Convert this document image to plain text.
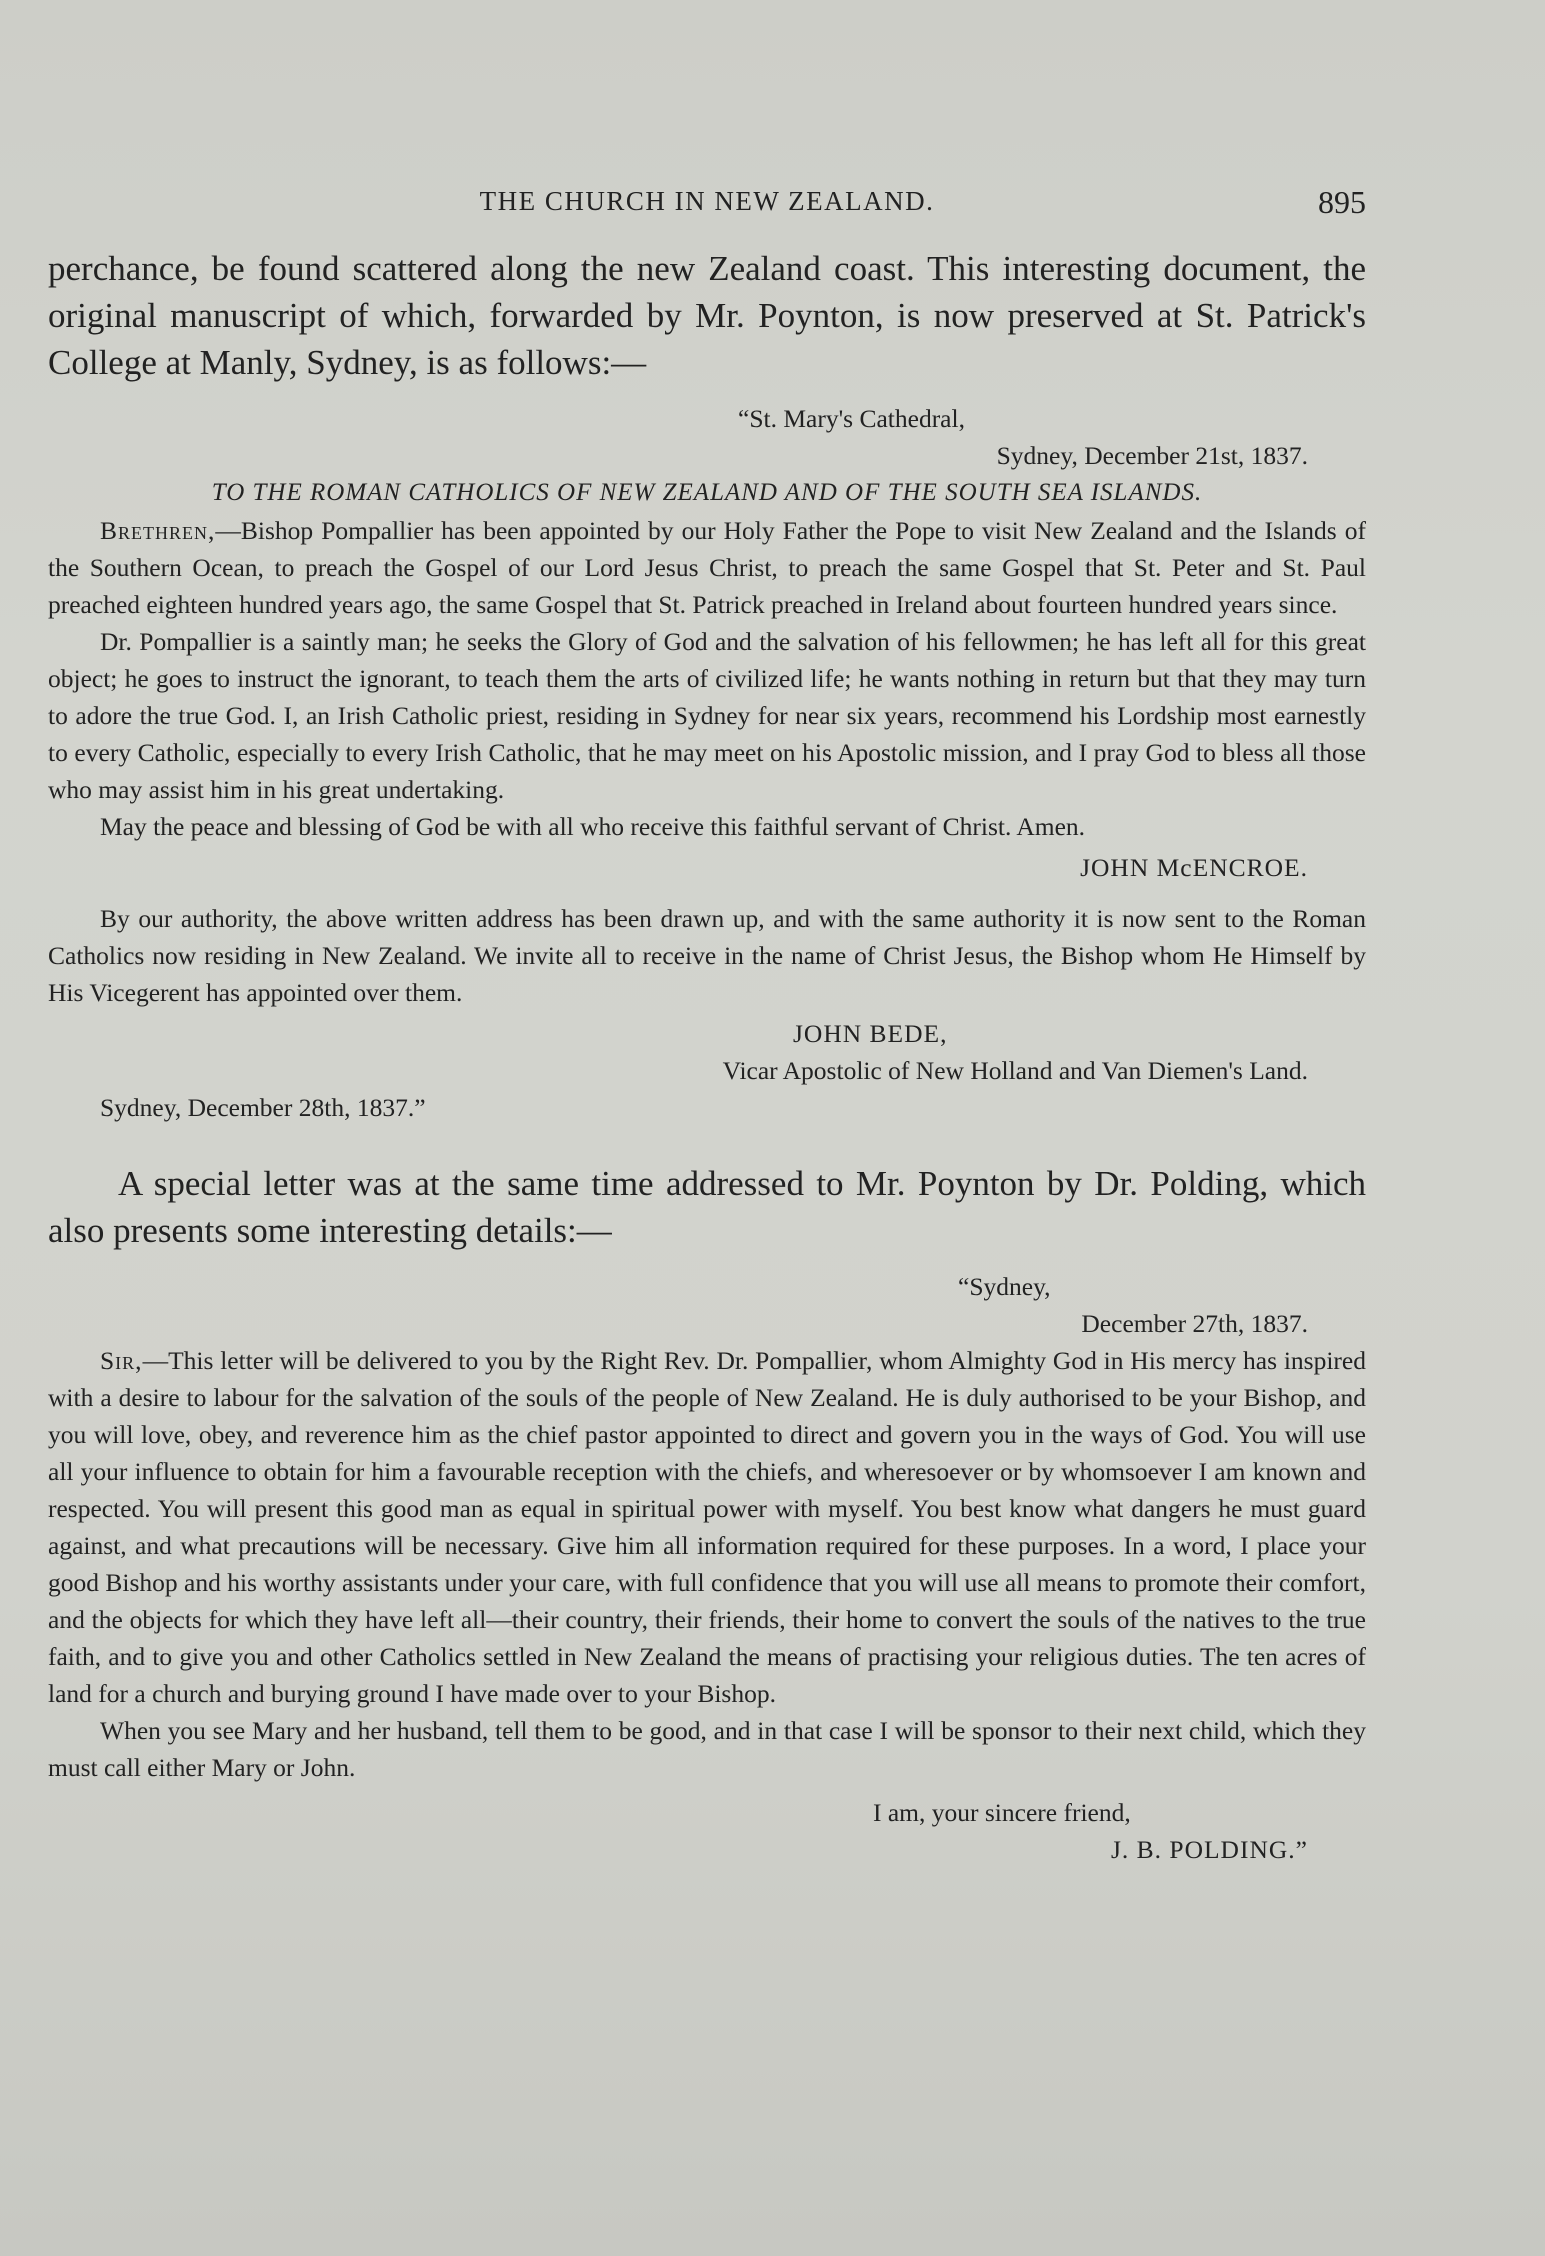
THE CHURCH IN NEW ZEALAND.	895

perchance, be found scattered along the new Zealand coast. This interesting document, the original manuscript of which, forwarded by Mr. Poynton, is now preserved at St. Patrick's College at Manly, Sydney, is as follows:—

“St. Mary's Cathedral,

Sydney, December 21st, 1837.

TO THE ROMAN CATHOLICS OF NEW ZEALAND AND OF THE SOUTH SEA ISLANDS.

Brethren,—Bishop Pompallier has been appointed by our Holy Father the Pope to visit New Zealand and the Islands of the Southern Ocean, to preach the Gospel of our Lord Jesus Christ, to preach the same Gospel that St. Peter and St. Paul preached eighteen hundred years ago, the same Gospel that St. Patrick preached in Ireland about fourteen hundred years since.

Dr. Pompallier is a saintly man; he seeks the Glory of God and the salvation of his fellowmen; he has left all for this great object; he goes to instruct the ignorant, to teach them the arts of civilized life; he wants nothing in return but that they may turn to adore the true God. I, an Irish Catholic priest, residing in Sydney for near six years, recommend his Lordship most earnestly to every Catholic, especially to every Irish Catholic, that he may meet on his Apostolic mission, and I pray God to bless all those who may assist him in his great undertaking.

May the peace and blessing of God be with all who receive this faithful servant of Christ. Amen.

JOHN McENCROE.

By our authority, the above written address has been drawn up, and with the same authority it is now sent to the Roman Catholics now residing in New Zealand. We invite all to receive in the name of Christ Jesus, the Bishop whom He Himself by His Vicegerent has appointed over them.

JOHN BEDE,

Vicar Apostolic of New Holland and Van Diemen's Land.

Sydney, December 28th, 1837.”

A special letter was at the same time addressed to Mr. Poynton by Dr. Polding, which also presents some interesting details:—

“Sydney,

December 27th, 1837.

Sir,—This letter will be delivered to you by the Right Rev. Dr. Pompallier, whom Almighty God in His mercy has inspired with a desire to labour for the salvation of the souls of the people of New Zealand. He is duly authorised to be your Bishop, and you will love, obey, and reverence him as the chief pastor appointed to direct and govern you in the ways of God. You will use all your influence to obtain for him a favourable reception with the chiefs, and wheresoever or by whomsoever I am known and respected. You will present this good man as equal in spiritual power with myself. You best know what dangers he must guard against, and what precautions will be necessary. Give him all information required for these purposes. In a word, I place your good Bishop and his worthy assistants under your care, with full confidence that you will use all means to promote their comfort, and the objects for which they have left all—their country, their friends, their home to convert the souls of the natives to the true faith, and to give you and other Catholics settled in New Zealand the means of practising your religious duties. The ten acres of land for a church and burying ground I have made over to your Bishop.

When you see Mary and her husband, tell them to be good, and in that case I will be sponsor to their next child, which they must call either Mary or John.

I am, your sincere friend,

J. B. POLDING.”
